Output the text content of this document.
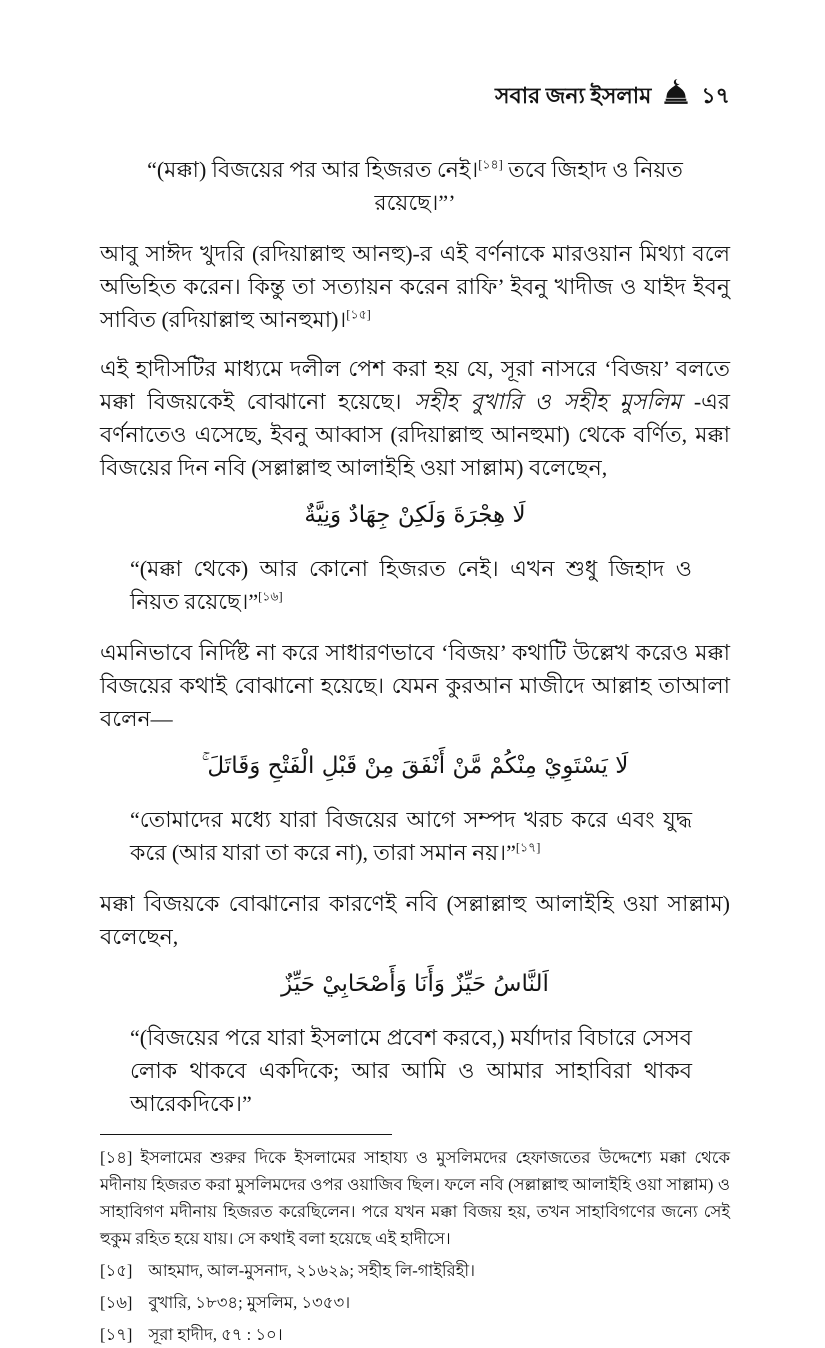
সবার জন্য ইসলাম ১৭
“(মক্কা) বিজয়ের পর আর হিজরত নেই।[১৪] তবে জিহাদ ও নিয়ত রয়েছে।”’

আবু সাঈদ খুদরি (রদিয়াল্লাহু আনহু)-র এই বর্ণনাকে মারওয়ান মিথ্যা বলে অভিহিত করেন। কিন্তু তা সত্যায়ন করেন রাফি’ ইবনু খাদীজ ও যাইদ ইবনু সাবিত (রদিয়াল্লাহু আনহুমা)।[১৫]

এই হাদীসটির মাধ্যমে দলীল পেশ করা হয় যে, সূরা নাসরে ‘বিজয়’ বলতে মক্কা বিজয়কেই বোঝানো হয়েছে। সহীহ বুখারি ও সহীহ মুসলিম -এর বর্ণনাতেও এসেছে, ইবনু আব্বাস (রদিয়াল্লাহু আনহুমা) থেকে বর্ণিত, মক্কা বিজয়ের দিন নবি (সল্লাল্লাহু আলাইহি ওয়া সাল্লাম) বলেছেন,

لَا هِجْرَةَ وَلَكِنْ جِهَادٌ وَنِيَّةٌ
“(মক্কা থেকে) আর কোনো হিজরত নেই। এখন শুধু জিহাদ ও নিয়ত রয়েছে।”[১৬]

এমনিভাবে নির্দিষ্ট না করে সাধারণভাবে ‘বিজয়’ কথাটি উল্লেখ করেও মক্কা বিজয়ের কথাই বোঝানো হয়েছে। যেমন কুরআন মাজীদে আল্লাহ তাআলা বলেন—

لَا يَسْتَوِيْ مِنْكُمْ مَّنْ أَنْفَقَ مِنْ قَبْلِ الْفَتْحِ وَقَاتَلَ ۚ
“তোমাদের মধ্যে যারা বিজয়ের আগে সম্পদ খরচ করে এবং যুদ্ধ করে (আর যারা তা করে না), তারা সমান নয়।”[১৭]

মক্কা বিজয়কে বোঝানোর কারণেই নবি (সল্লাল্লাহু আলাইহি ওয়া সাল্লাম) বলেছেন,

اَلنَّاسُ حَيِّزٌ وَأَنَا وَأَصْحَابِيْ حَيِّزٌ
“(বিজয়ের পরে যারা ইসলামে প্রবেশ করবে,) মর্যাদার বিচারে সেসব লোক থাকবে একদিকে; আর আমি ও আমার সাহাবিরা থাকব আরেকদিকে।”
[১৪] ইসলামের শুরুর দিকে ইসলামের সাহায্য ও মুসলিমদের হেফাজতের উদ্দেশ্যে মক্কা থেকে মদীনায় হিজরত করা মুসলিমদের ওপর ওয়াজিব ছিল। ফলে নবি (সল্লাল্লাহু আলাইহি ওয়া সাল্লাম) ও সাহাবিগণ মদীনায় হিজরত করেছিলেন। পরে যখন মক্কা বিজয় হয়, তখন সাহাবিগণের জন্যে সেই হুকুম রহিত হয়ে যায়। সে কথাই বলা হয়েছে এই হাদীসে।
[১৫] আহমাদ, আল-মুসনাদ, ২১৬২৯; সহীহ লি-গাইরিহী।
[১৬] বুখারি, ১৮৩৪; মুসলিম, ১৩৫৩।
[১৭] সূরা হাদীদ, ৫৭ : ১০।
